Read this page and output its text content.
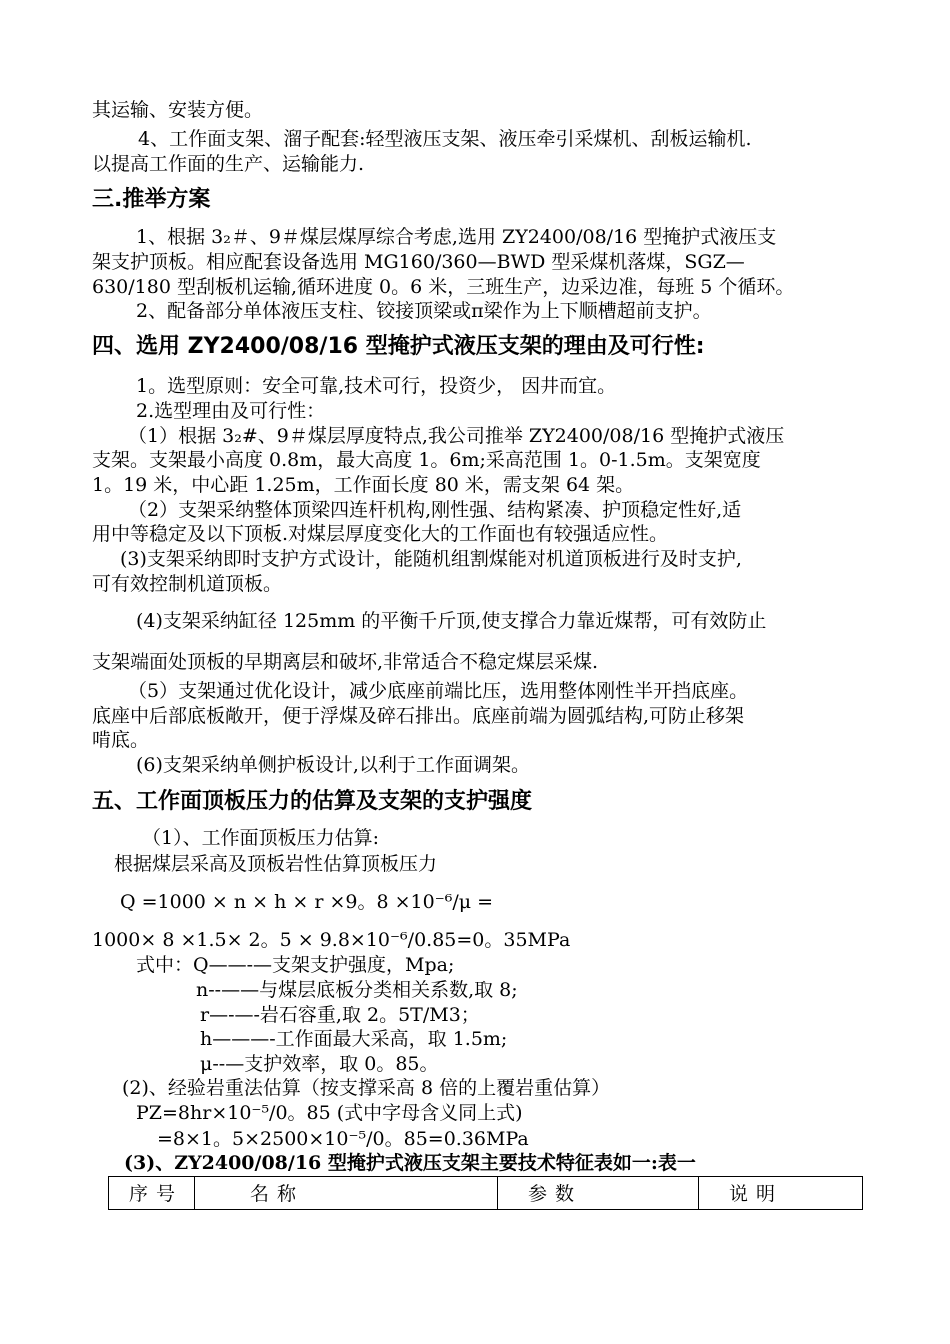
其运输、安装方便。
4、工作面支架、溜子配套:轻型液压支架、液压牵引采煤机、刮板运输机.
以提高工作面的生产、运输能力.
三.推举方案
1、根据 3₂＃、9＃煤层煤厚综合考虑,选用 ZY2400/08/16 型掩护式液压支
架支护顶板。相应配套设备选用 MG160/360—BWD 型采煤机落煤，SGZ—
630/180 型刮板机运输,循环进度 0。6 米，三班生产，边采边准，每班 5 个循环。
2、配备部分单体液压支柱、铰接顶梁或π梁作为上下顺槽超前支护。
四、选用 ZY2400/08/16 型掩护式液压支架的理由及可行性:
1。选型原则：安全可靠,技术可行，投资少， 因井而宜。
2.选型理由及可行性：
（1）根据 3₂#、9＃煤层厚度特点,我公司推举 ZY2400/08/16 型掩护式液压
支架。支架最小高度 0.8m，最大高度 1。6m;采高范围 1。0-1.5m。支架宽度
1。19 米，中心距 1.25m，工作面长度 80 米，需支架 64 架。
（2）支架采纳整体顶梁四连杆机构,刚性强、结构紧凑、护顶稳定性好,适
用中等稳定及以下顶板.对煤层厚度变化大的工作面也有较强适应性。
(3)支架采纳即时支护方式设计，能随机组割煤能对机道顶板进行及时支护,
可有效控制机道顶板。
(4)支架采纳缸径 125mm 的平衡千斤顶,使支撑合力靠近煤帮，可有效防止
支架端面处顶板的早期离层和破坏,非常适合不稳定煤层采煤.
（5）支架通过优化设计，减少底座前端比压，选用整体刚性半开挡底座。
底座中后部底板敞开，便于浮煤及碎石排出。底座前端为圆弧结构,可防止移架
啃底。
(6)支架采纳单侧护板设计,以利于工作面调架。
五、工作面顶板压力的估算及支架的支护强度
（1）、工作面顶板压力估算:
根据煤层采高及顶板岩性估算顶板压力
Q =1000 × n × h × r ×9。8 ×10⁻⁶/μ =
1000× 8 ×1.5× 2。5 × 9.8×10⁻⁶/0.85=0。35MPa
式中：Q——-—支架支护强度，Mpa;
n--——与煤层底板分类相关系数,取 8;
r—-—-岩石容重,取 2。5T/M3；
h———-工作面最大采高，取 1.5m;
μ--—支护效率，取 0。85。
(2)、经验岩重法估算（按支撑采高 8 倍的上覆岩重估算）
PZ=8hr×10⁻⁵/0。85 (式中字母含义同上式)
=8×1。5×2500×10⁻⁵/0。85=0.36MPa
(3)、ZY2400/08/16 型掩护式液压支架主要技术特征表如一:表一
序 号	名 称	参 数	说 明
